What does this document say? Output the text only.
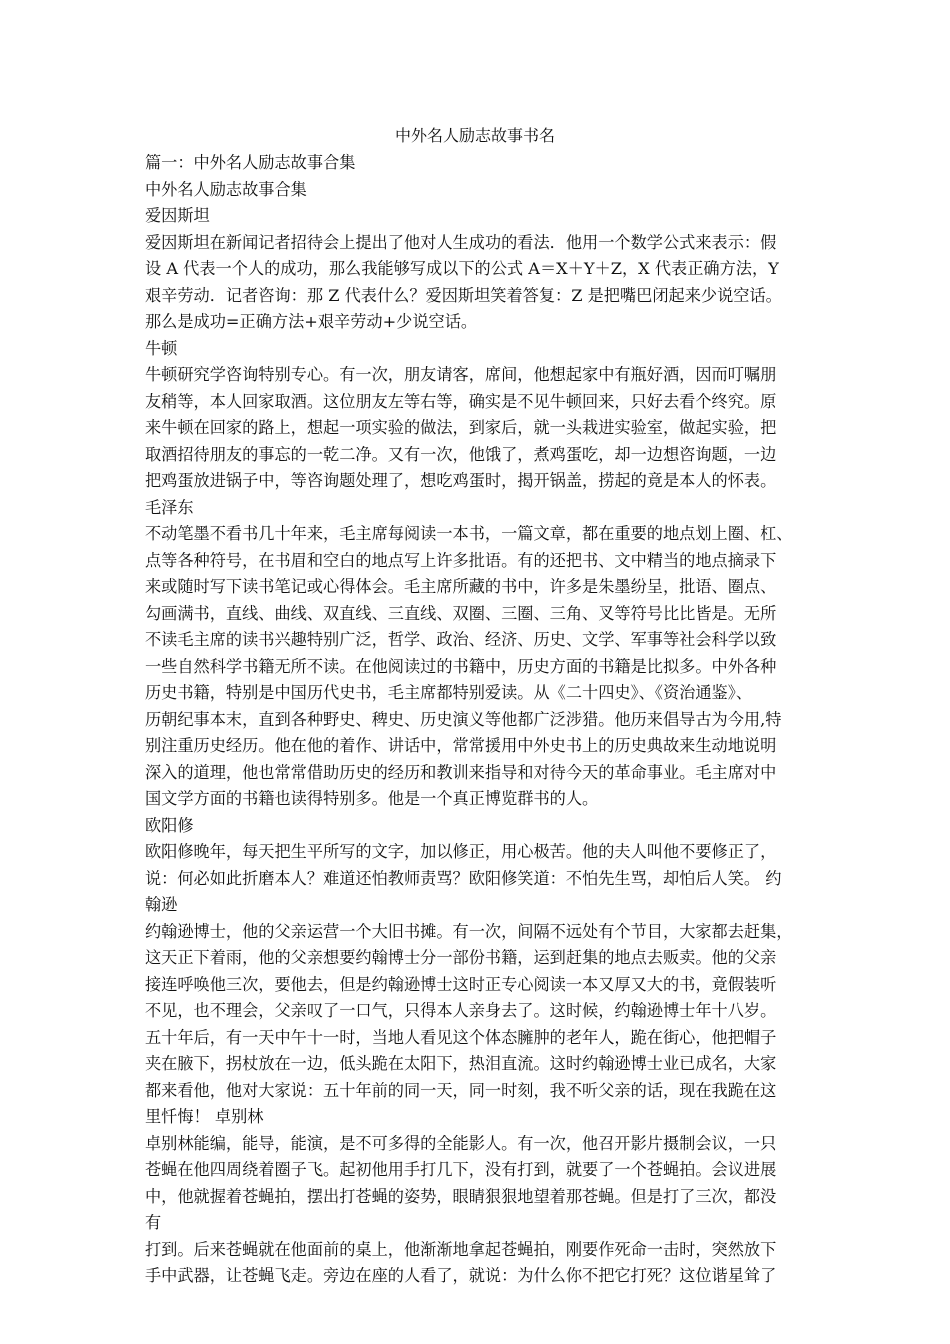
中外名人励志故事书名
篇一：中外名人励志故事合集
中外名人励志故事合集
爱因斯坦
爱因斯坦在新闻记者招待会上提出了他对人生成功的看法．他用一个数学公式来表示：假
设 A 代表一个人的成功，那么我能够写成以下的公式 A＝X＋Y＋Z，X 代表正确方法，Y
艰辛劳动．记者咨询：那 Z 代表什么？爱因斯坦笑着答复：Z 是把嘴巴闭起来少说空话。
那么是成功=正确方法+艰辛劳动+少说空话。
牛顿
牛顿研究学咨询特别专心。有一次，朋友请客，席间，他想起家中有瓶好酒，因而叮嘱朋
友稍等，本人回家取酒。这位朋友左等右等，确实是不见牛顿回来，只好去看个终究。原
来牛顿在回家的路上，想起一项实验的做法，到家后，就一头栽进实验室，做起实验，把
取酒招待朋友的事忘的一乾二净。又有一次，他饿了，煮鸡蛋吃，却一边想咨询题，一边
把鸡蛋放进锅子中，等咨询题处理了，想吃鸡蛋时，揭开锅盖，捞起的竟是本人的怀表。
毛泽东
不动笔墨不看书几十年来，毛主席每阅读一本书，一篇文章，都在重要的地点划上圈、杠、
点等各种符号，在书眉和空白的地点写上许多批语。有的还把书、文中精当的地点摘录下
来或随时写下读书笔记或心得体会。毛主席所藏的书中，许多是朱墨纷呈，批语、圈点、
勾画满书，直线、曲线、双直线、三直线、双圈、三圈、三角、叉等符号比比皆是。无所
不读毛主席的读书兴趣特别广泛，哲学、政治、经济、历史、文学、军事等社会科学以致
一些自然科学书籍无所不读。在他阅读过的书籍中，历史方面的书籍是比拟多。中外各种
历史书籍，特别是中国历代史书，毛主席都特别爱读。从《二十四史》、《资治通鉴》、
历朝纪事本末，直到各种野史、稗史、历史演义等他都广泛涉猎。他历来倡导古为今用,特
别注重历史经历。他在他的着作、讲话中，常常援用中外史书上的历史典故来生动地说明
深入的道理，他也常常借助历史的经历和教训来指导和对待今天的革命事业。毛主席对中
国文学方面的书籍也读得特别多。他是一个真正博览群书的人。
欧阳修
欧阳修晚年，每天把生平所写的文字，加以修正，用心极苦。他的夫人叫他不要修正了，
说：何必如此折磨本人？难道还怕教师责骂？欧阳修笑道：不怕先生骂，却怕后人笑。 约
翰逊
约翰逊博士，他的父亲运营一个大旧书摊。有一次，间隔不远处有个节目，大家都去赶集，
这天正下着雨，他的父亲想要约翰博士分一部份书籍，运到赶集的地点去贩卖。他的父亲
接连呼唤他三次，要他去，但是约翰逊博士这时正专心阅读一本又厚又大的书，竟假装听
不见，也不理会，父亲叹了一口气，只得本人亲身去了。这时候，约翰逊博士年十八岁。
五十年后，有一天中午十一时，当地人看见这个体态臃肿的老年人，跪在街心，他把帽子
夹在腋下，拐杖放在一边，低头跪在太阳下，热泪直流。这时约翰逊博士业已成名，大家
都来看他，他对大家说：五十年前的同一天，同一时刻，我不听父亲的话，现在我跪在这
里忏悔！ 卓别林
卓别林能编，能导，能演，是不可多得的全能影人。有一次，他召开影片摄制会议，一只
苍蝇在他四周绕着圈子飞。起初他用手打几下，没有打到，就要了一个苍蝇拍。会议进展
中，他就握着苍蝇拍，摆出打苍蝇的姿势，眼睛狠狠地望着那苍蝇。但是打了三次，都没
有
打到。后来苍蝇就在他面前的桌上，他渐渐地拿起苍蝇拍，刚要作死命一击时，突然放下
手中武器，让苍蝇飞走。旁边在座的人看了，就说：为什么你不把它打死？这位谐星耸了
